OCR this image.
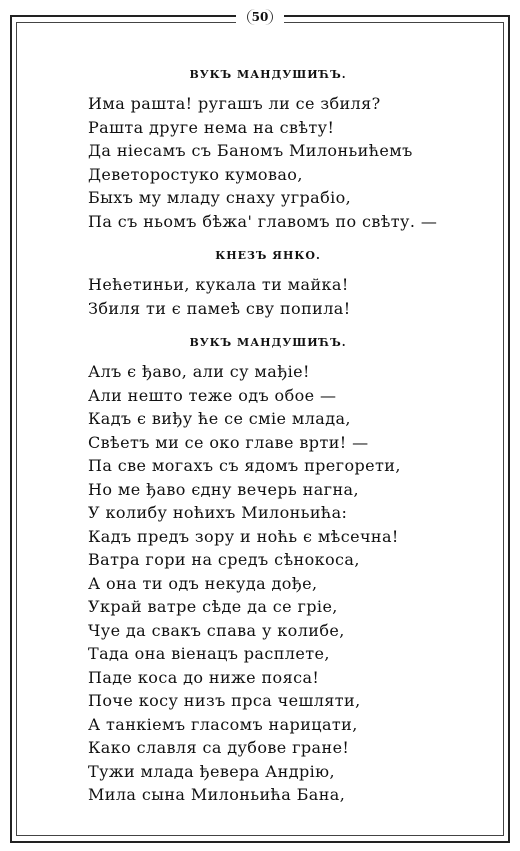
50
ВУКЪ МАНДУШИЋЪ.
Има рашта! ругашъ ли се збиля?
Рашта друге нема на свѣту!
Да нiесамъ съ Баномъ Милоньићемъ
Деветоростуко кумовао,
Быхъ му младу снаху уграбiо,
Па съ ньомъ бѣжа' главомъ по свѣту. —
КНЕЗЪ ЯНКО.
Нећетиньи, кукала ти майка!
Збиля ти є памеѣ сву попила!
ВУКЪ МАНДУШИЋЪ.
Алъ є ђаво, али су мађiе!
Али нешто теже одъ обое —
Кадъ є виђу ће се смiе млада,
Свѣетъ ми се око главе врти! —
Па све могахъ съ ядомъ прегорети,
Но ме ђаво єдну вечерь нагна,
У колибу ноћихъ Милоньића:
Кадъ предъ зору и ноћь є мѣсечна!
Ватра гори на средъ сѣнокоса,
А она ти одъ некуда дође,
Украй ватре сѣде да се грiе,
Чуе да свакъ спава у колибе,
Тада она вiенацъ расплете,
Паде коса до ниже пояса!
Поче косу низъ прса чешляти,
А танкiемъ гласомъ нарицати,
Како славля са дубове гране!
Тужи млада ђевера Андрiю,
Мила сына Милоньића Бана,
